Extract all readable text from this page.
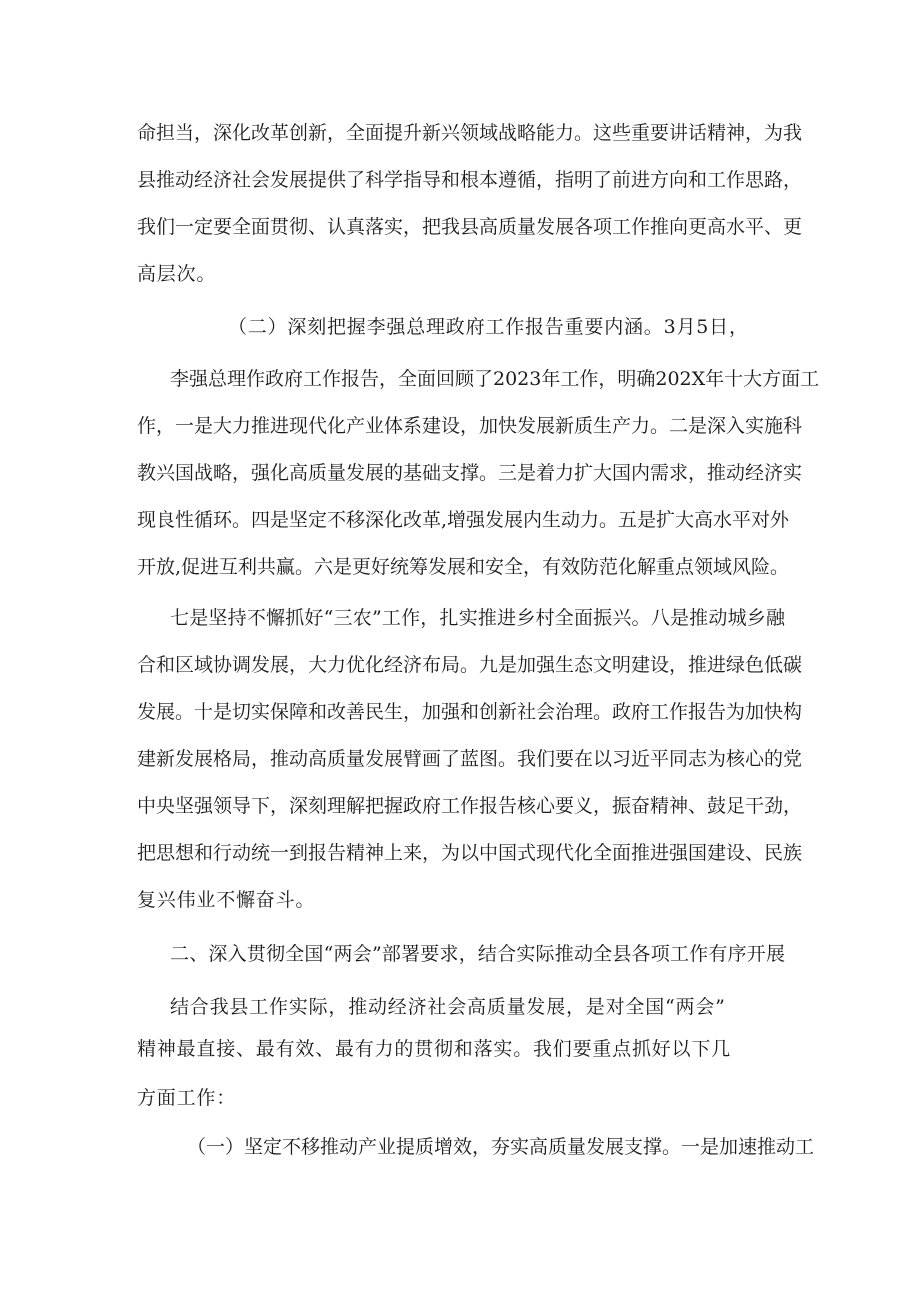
命担当，深化改革创新，全面提升新兴领域战略能力。这些重要讲话精神，为我
县推动经济社会发展提供了科学指导和根本遵循，指明了前进方向和工作思路，
我们一定要全面贯彻、认真落实，把我县高质量发展各项工作推向更高水平、更
高层次。
（二）深刻把握李强总理政府工作报告重要内涵。3月5日，
李强总理作政府工作报告，全面回顾了2023年工作，明确202X年十大方面工
作，一是大力推进现代化产业体系建设，加快发展新质生产力。二是深入实施科
教兴国战略，强化高质量发展的基础支撑。三是着力扩大国内需求，推动经济实
现良性循环。四是坚定不移深化改革,增强发展内生动力。五是扩大高水平对外
开放,促进互利共赢。六是更好统筹发展和安全，有效防范化解重点领域风险。
七是坚持不懈抓好“三农”工作，扎实推进乡村全面振兴。八是推动城乡融
合和区域协调发展，大力优化经济布局。九是加强生态文明建设，推进绿色低碳
发展。十是切实保障和改善民生，加强和创新社会治理。政府工作报告为加快构
建新发展格局，推动高质量发展臂画了蓝图。我们要在以习近平同志为核心的党
中央坚强领导下，深刻理解把握政府工作报告核心要义，振奋精神、鼓足干劲，
把思想和行动统一到报告精神上来，为以中国式现代化全面推进强国建设、民族
复兴伟业不懈奋斗。
二、深入贯彻全国“两会”部署要求，结合实际推动全县各项工作有序开展
结合我县工作实际，推动经济社会高质量发展，是对全国“两会”
精神最直接、最有效、最有力的贯彻和落实。我们要重点抓好以下几
方面工作：
（一）坚定不移推动产业提质增效，夯实高质量发展支撑。一是加速推动工
